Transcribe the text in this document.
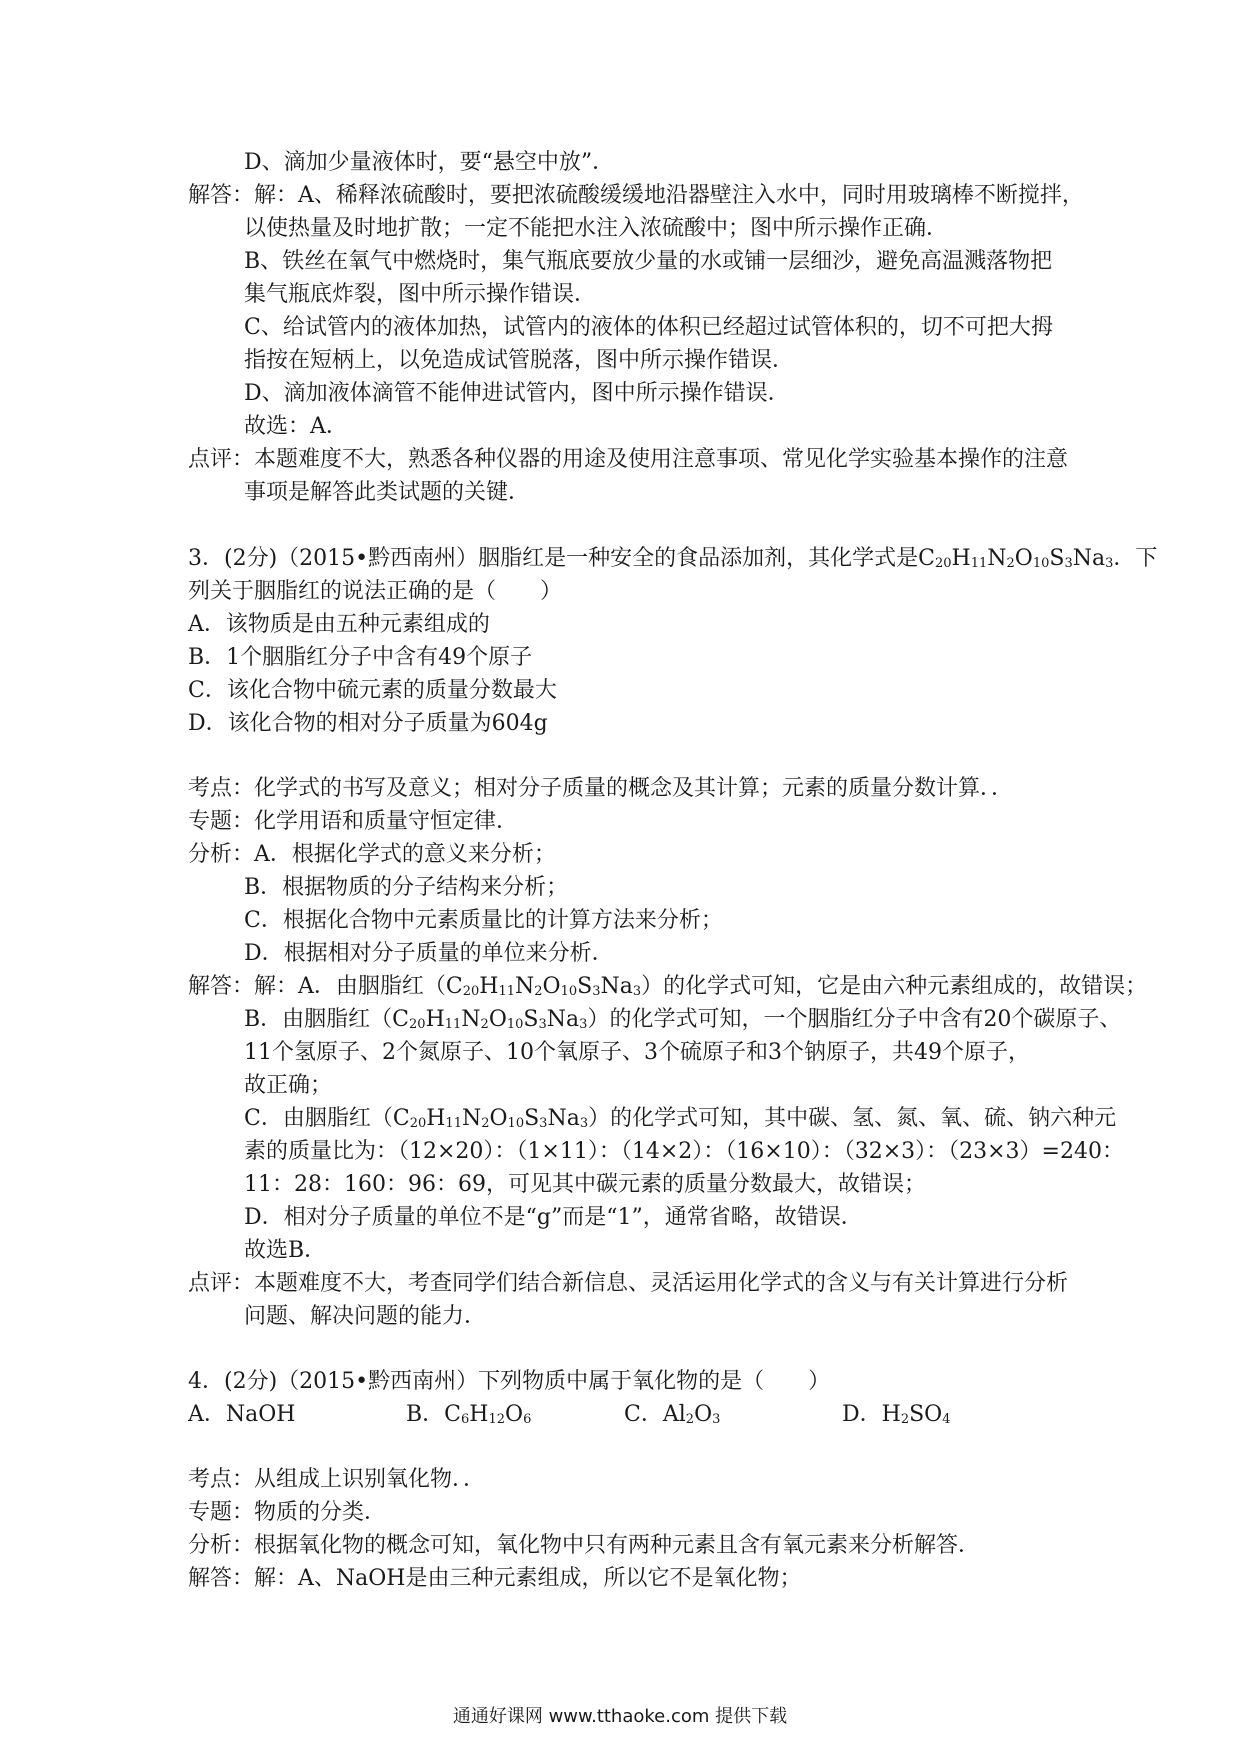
D、滴加少量液体时，要“悬空中放”．
解答：解：A、稀释浓硫酸时，要把浓硫酸缓缓地沿器壁注入水中，同时用玻璃棒不断搅拌，
以使热量及时地扩散；一定不能把水注入浓硫酸中；图中所示操作正确．
B、铁丝在氧气中燃烧时，集气瓶底要放少量的水或铺一层细沙，避免高温溅落物把
集气瓶底炸裂，图中所示操作错误．
C、给试管内的液体加热，试管内的液体的体积已经超过试管体积的，切不可把大拇
指按在短柄上，以免造成试管脱落，图中所示操作错误．
D、滴加液体滴管不能伸进试管内，图中所示操作错误．
故选：A．
点评：本题难度不大，熟悉各种仪器的用途及使用注意事项、常见化学实验基本操作的注意
事项是解答此类试题的关键．
3．(2分)（2015•黔西南州）胭脂红是一种安全的食品添加剂，其化学式是$C_{20}H_{11}N_2O_{10}S_3Na_3$．下
列关于胭脂红的说法正确的是（　　）
A．该物质是由五种元素组成的
B．1个胭脂红分子中含有49个原子
C．该化合物中硫元素的质量分数最大
D．该化合物的相对分子质量为604g
考点：化学式的书写及意义；相对分子质量的概念及其计算；元素的质量分数计算．．
专题：化学用语和质量守恒定律．
分析：A．根据化学式的意义来分析；
B．根据物质的分子结构来分析；
C．根据化合物中元素质量比的计算方法来分析；
D．根据相对分子质量的单位来分析．
解答：解：A．由胭脂红$(C_{20}H_{11}N_2O_{10}S_3Na_3)$的化学式可知，它是由六种元素组成的，故错误；
B．由胭脂红$(C_{20}H_{11}N_2O_{10}S_3Na_3)$的化学式可知，一个胭脂红分子中含有20个碳原子、
11个氢原子、2个氮原子、10个氧原子、3个硫原子和3个钠原子，共49个原子，
故正确；
C．由胭脂红$(C_{20}H_{11}N_2O_{10}S_3Na_3)$的化学式可知，其中碳、氢、氮、氧、硫、钠六种元
素的质量比为：（12×20）：（1×11）：（14×2）：（16×10）：（32×3）：（23×3）=240：
11：28：160：96：69，可见其中碳元素的质量分数最大，故错误；
D．相对分子质量的单位不是“g”而是“1”，通常省略，故错误．
故选B．
点评：本题难度不大，考查同学们结合新信息、灵活运用化学式的含义与有关计算进行分析
问题、解决问题的能力．
4．(2分)（2015•黔西南州）下列物质中属于氧化物的是（　　）
A．NaOH	B．$C_6H_{12}O_6$	C．$Al_2O_3$	D．$H_2SO_4$
考点：从组成上识别氧化物．．
专题：物质的分类．
分析：根据氧化物的概念可知，氧化物中只有两种元素且含有氧元素来分析解答．
解答：解：A、NaOH是由三种元素组成，所以它不是氧化物；
通通好课网 www.tthaoke.com 提供下载
